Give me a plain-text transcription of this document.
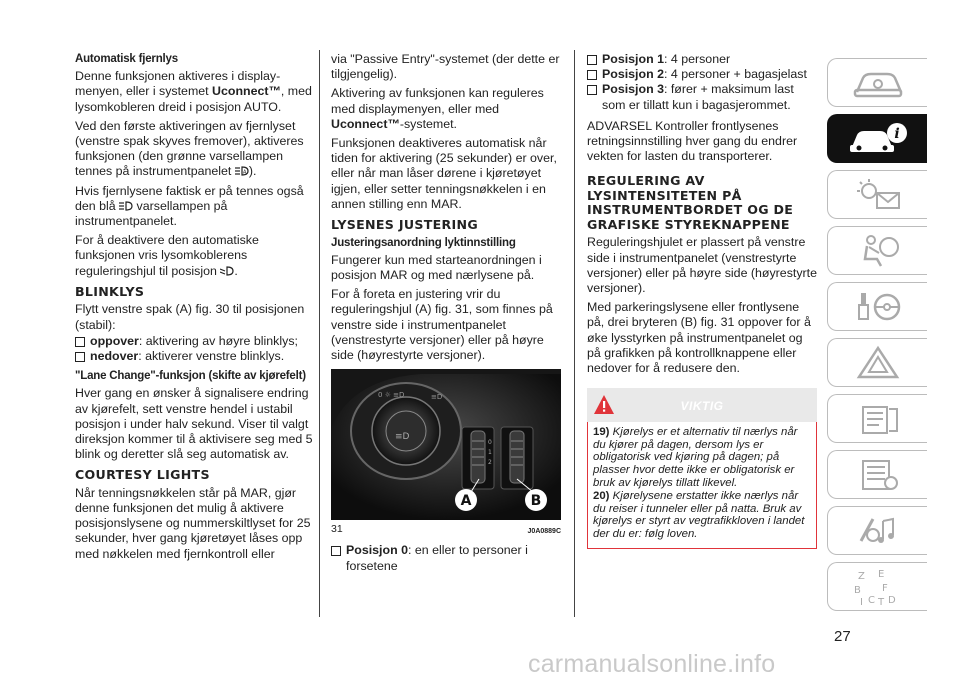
Automatisk fjernlys

Denne funksjonen aktiveres i display-menyen, eller i systemet Uconnect™, med lysomkobleren dreid i posisjon AUTO.

Ved den første aktiveringen av fjernlyset (venstre spak skyves fremover), aktiveres funksjonen (den grønne varsellampen tennes på instrumentpanelet A ).

Hvis fjernlysene faktisk er på tennes også den blå  varsellampen på instrumentpanelet.

For å deaktivere den automatiske funksjonen vris lysomkoblerens reguleringshjul til posisjon .

BLINKLYS

Flytt venstre spak (A) fig. 30 til posisjonen (stabil):

oppover: aktivering av høyre blinklys;
nedover: aktiverer venstre blinklys.
"Lane Change"-funksjon (skifte av kjørefelt)

Hver gang en ønsker å signalisere endring av kjørefelt, sett venstre hendel i ustabil posisjon i under halv sekund. Viser til valgt direksjon kommer til å aktivisere seg med 5 blink og deretter slå seg automatisk av.

COURTESY LIGHTS

Når tenningsnøkkelen står på MAR, gjør denne funksjonen det mulig å aktivere posisjonslysene og nummerskiltlyset for 25 sekunder, hver gang kjøretøyet låses opp med nøkkelen med fjernkontroll eller

via "Passive Entry"-systemet (der dette er tilgjengelig).

Aktivering av funksjonen kan reguleres med displaymenyen, eller med Uconnect™-systemet.

Funksjonen deaktiveres automatisk når tiden for aktivering (25 sekunder) er over, eller når man låser dørene i kjøretøyet igjen, eller setter tenningsnøkkelen i en annen stilling enn MAR.

LYSENES JUSTERING
Justeringsanordning lyktinnstilling

Fungerer kun med starteanordningen i posisjon MAR og med nærlysene på.

For å foreta en justering vrir du reguleringshjul (A) fig. 31, som finnes på venstre side i instrumentpanelet (venstrestyrte versjoner) eller på høyre side (høyrestyrte versjoner).

≡D
0 ☼ ≡D	≡D
0
1
2
A	B
31	J0A0889C
Posisjon 0: en eller to personer i forsetene
Posisjon 1: 4 personer
Posisjon 2: 4 personer + bagasjelast
Posisjon 3: fører + maksimum last som er tillatt kun i bagasjerommet.

ADVARSEL Kontroller frontlysenes retningsinnstilling hver gang du endrer vekten for lasten du transporterer.

REGULERING AV LYSINTENSITETEN PÅ INSTRUMENTBORDET OG DE GRAFISKE STYREKNAPPENE

Reguleringshjulet er plassert på venstre side i instrumentpanelet (venstrestyrte versjoner) eller på høyre side (høyrestyrte versjoner).

Med parkeringslysene eller frontlysene på, drei bryteren (B) fig. 31 oppover for å øke lysstyrken på instrumentpanelet og på grafikken på kontrollknappene eller nedover for å redusere den.

VIKTIG

19) Kjørelys er et alternativ til nærlys når du kjører på dagen, dersom lys er obligatorisk ved kjøring på dagen; på plasser hvor dette ikke er obligatorisk er bruk av kjørelys tillatt likevel.

20) Kjørelysene erstatter ikke nærlys når du reiser i tunneler eller på natta. Bruk av kjørelys er styrt av vegtrafikkloven i landet der du er: følg loven.

i
Z E
B F
I C T D
27
carmanualsonline.info
